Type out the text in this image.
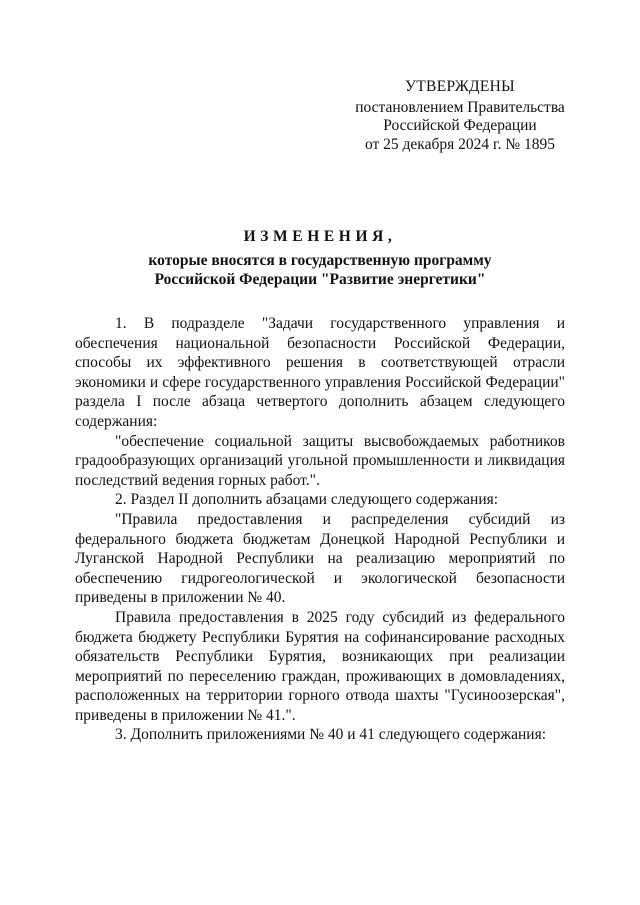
УТВЕРЖДЕНЫ
постановлением Правительства
Российской Федерации
от 25 декабря 2024 г. № 1895
ИЗМЕНЕНИЯ,
которые вносятся в государственную программу
Российской Федерации "Развитие энергетики"

1. В подразделе "Задачи государственного управления и обеспечения национальной безопасности Российской Федерации, способы их эффективного решения в соответствующей отрасли экономики и сфере государственного управления Российской Федерации" раздела I после абзаца четвертого дополнить абзацем следующего содержания:

"обеспечение социальной защиты высвобождаемых работников градообразующих организаций угольной промышленности и ликвидация последствий ведения горных работ.".

2. Раздел II дополнить абзацами следующего содержания:

"Правила предоставления и распределения субсидий из федерального бюджета бюджетам Донецкой Народной Республики и Луганской Народной Республики на реализацию мероприятий по обеспечению гидрогеологической и экологической безопасности приведены в приложении № 40.

Правила предоставления в 2025 году субсидий из федерального бюджета бюджету Республики Бурятия на софинансирование расходных обязательств Республики Бурятия, возникающих при реализации мероприятий по переселению граждан, проживающих в домовладениях, расположенных на территории горного отвода шахты "Гусиноозерская", приведены в приложении № 41.".

3. Дополнить приложениями № 40 и 41 следующего содержания:
